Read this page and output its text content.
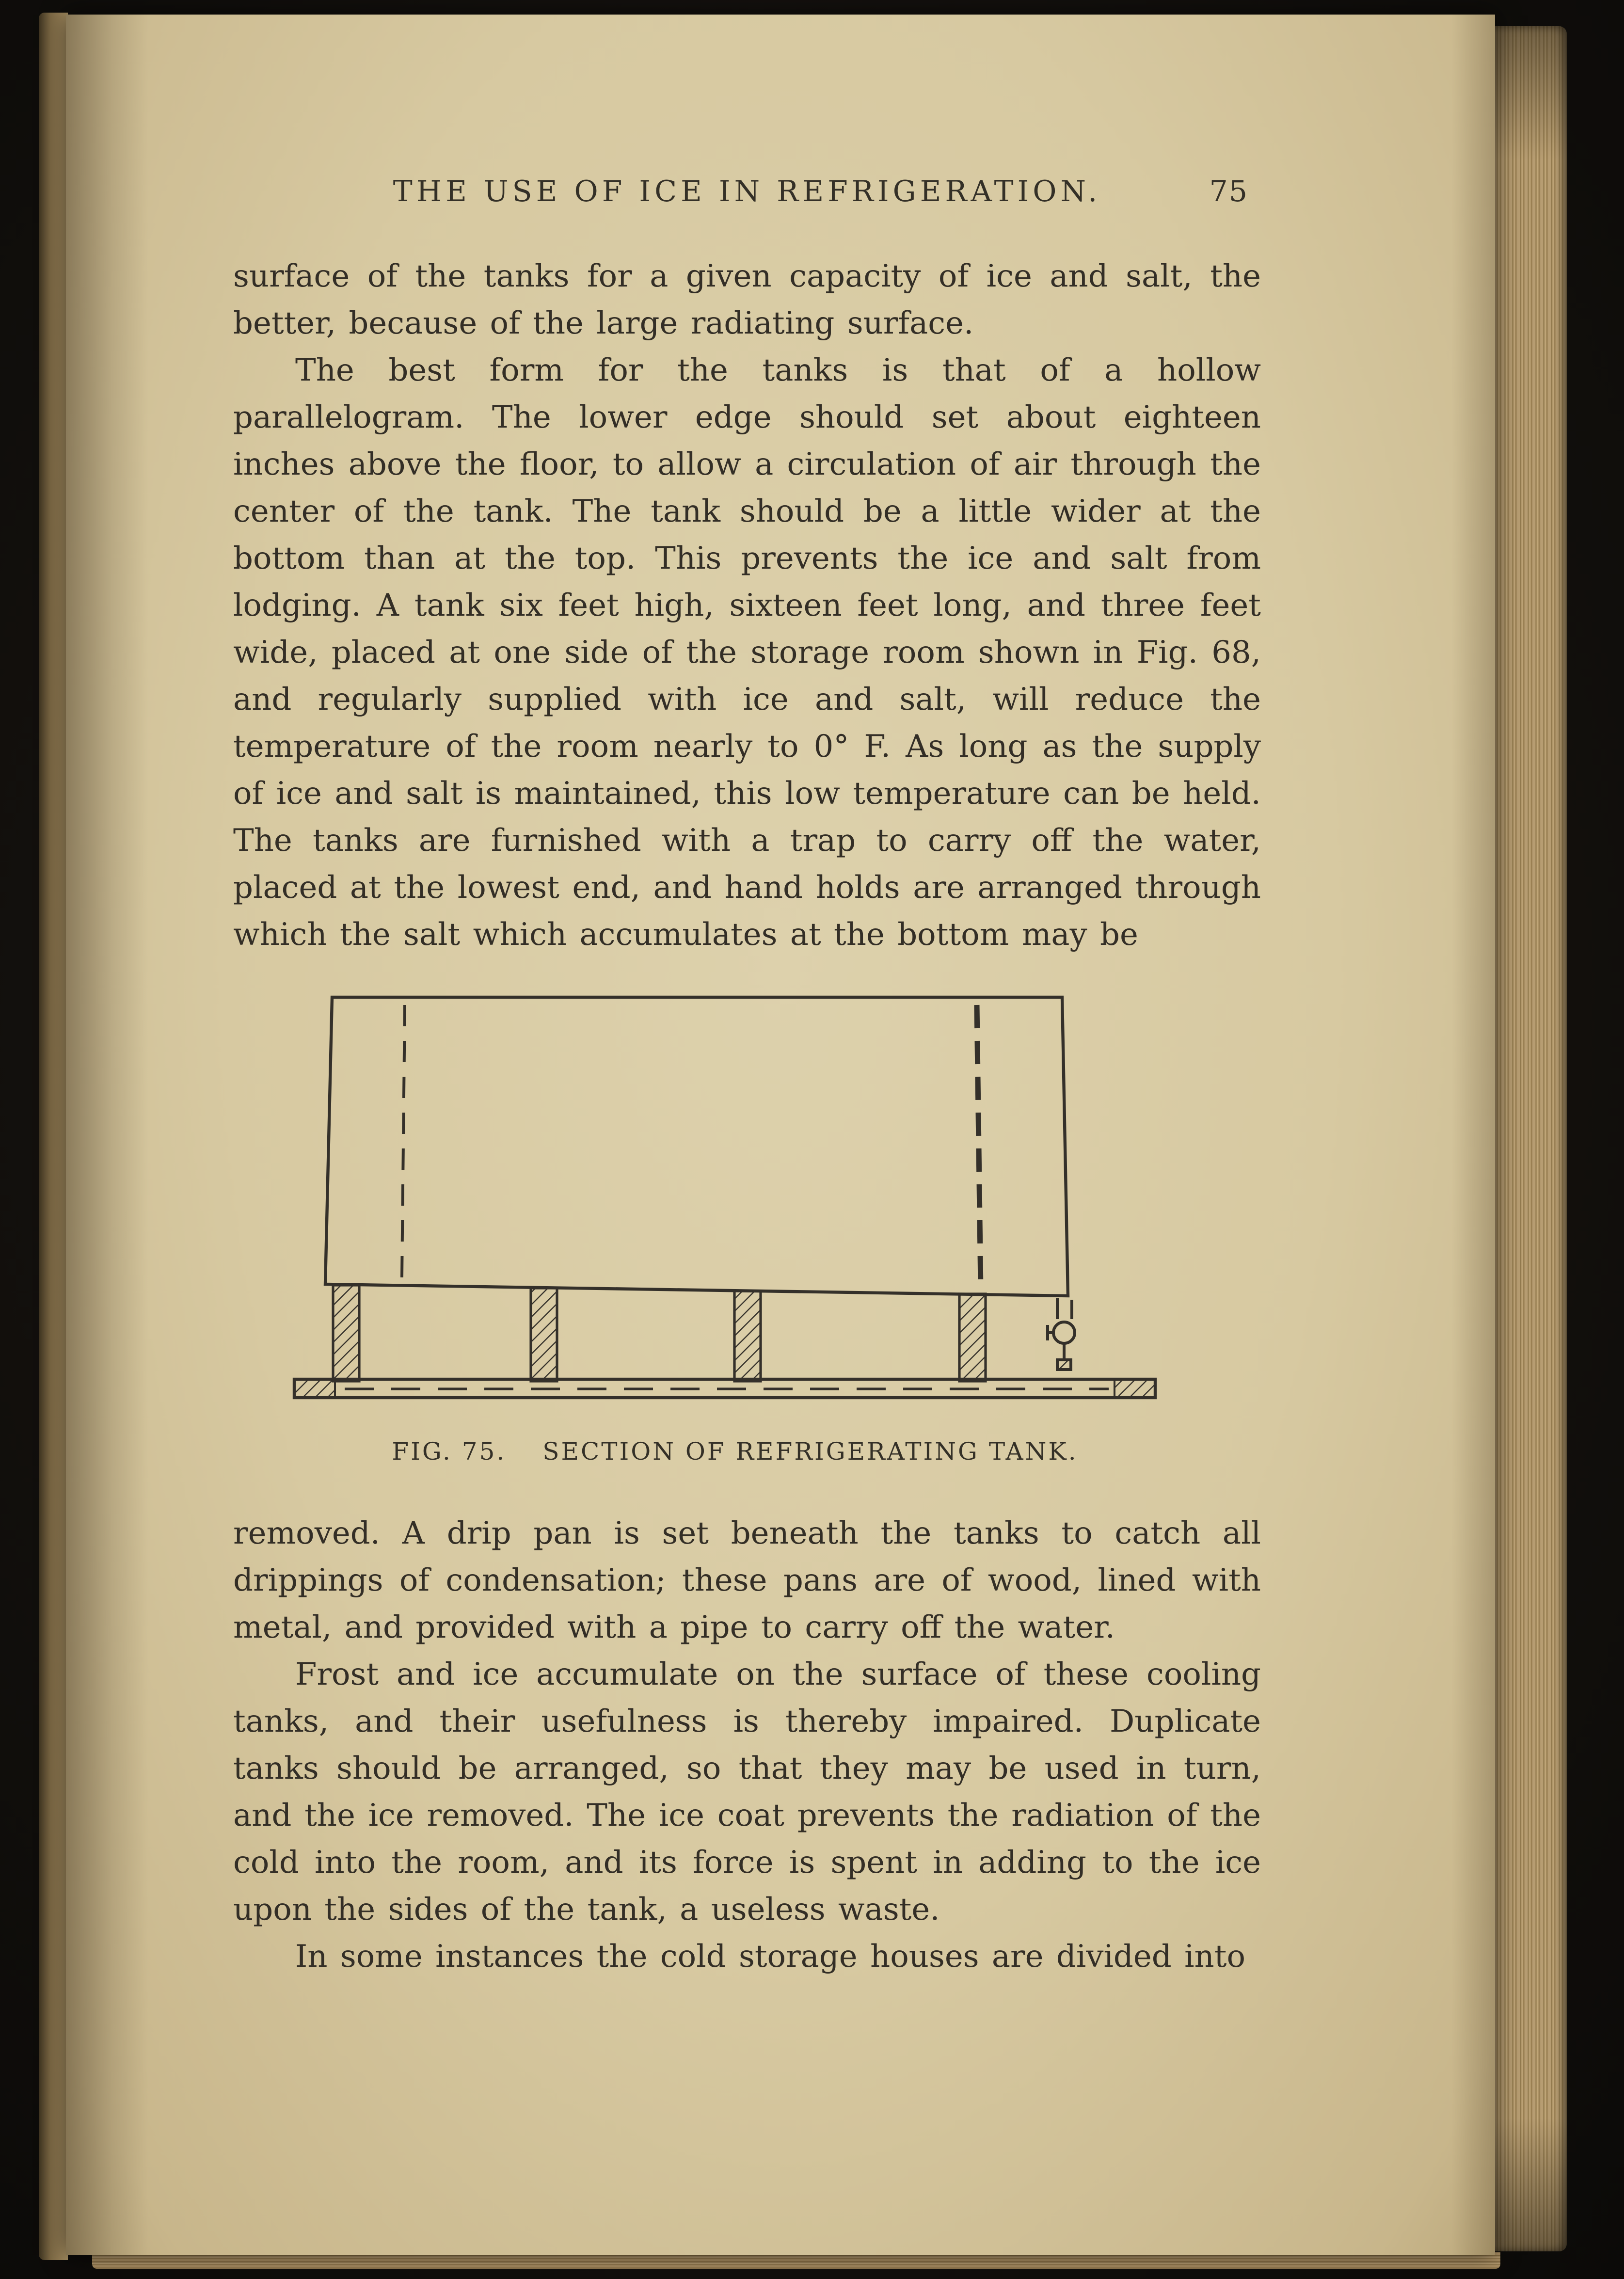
THE USE OF ICE IN REFRIGERATION.	75

surface of the tanks for a given capacity of ice and salt, the better, because of the large radiating surface.

The best form for the tanks is that of a hollow parallelogram. The lower edge should set about eighteen inches above the floor, to allow a circulation of air through the center of the tank. The tank should be a little wider at the bottom than at the top. This prevents the ice and salt from lodging. A tank six feet high, sixteen feet long, and three feet wide, placed at one side of the storage room shown in Fig. 68, and regularly supplied with ice and salt, will reduce the temperature of the room nearly to 0° F. As long as the supply of ice and salt is maintained, this low temperature can be held. The tanks are furnished with a trap to carry off the water, placed at the lowest end, and hand holds are arranged through which the salt which accumulates at the bottom may be

FIG. 75. SECTION OF REFRIGERATING TANK.

removed. A drip pan is set beneath the tanks to catch all drippings of condensation; these pans are of wood, lined with metal, and provided with a pipe to carry off the water.

Frost and ice accumulate on the surface of these cooling tanks, and their usefulness is thereby impaired. Duplicate tanks should be arranged, so that they may be used in turn, and the ice removed. The ice coat prevents the radiation of the cold into the room, and its force is spent in adding to the ice upon the sides of the tank, a useless waste.

In some instances the cold storage houses are divided into
